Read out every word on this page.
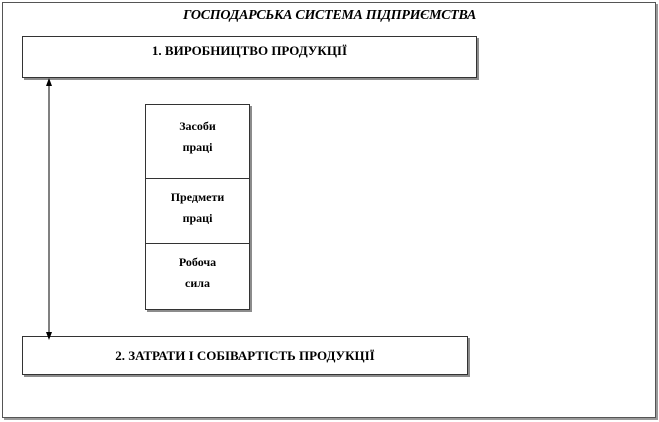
ГОСПОДАРСЬКА СИСТЕМА ПІДПРИЄМСТВА
1. ВИРОБНИЦТВО ПРОДУКЦІЇ
Засоби
праці
Предмети
праці
Робоча
сила
2. ЗАТРАТИ І СОБІВАРТІСТЬ ПРОДУКЦІЇ
